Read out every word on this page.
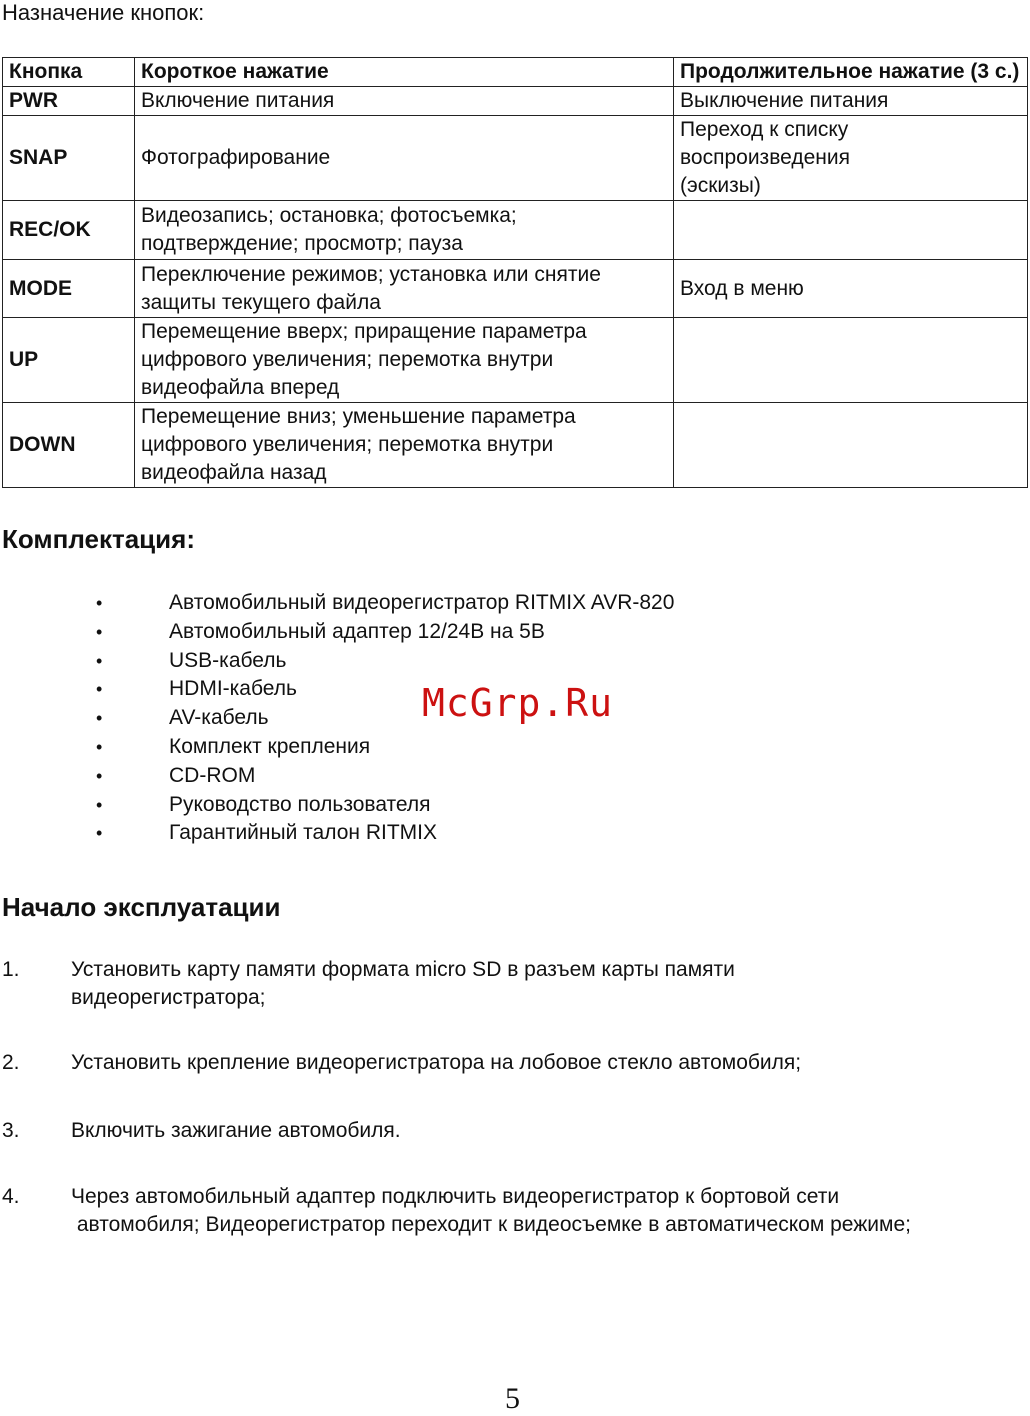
Назначение кнопок:
Кнопка	Короткое нажатие	Продолжительное нажатие (3 с.)
PWR	Включение питания	Выключение питания
SNAP	Фотографирование	Переход к списку воспроизведения
(эскизы)
REC/OK	Видеозапись; остановка; фотосъемка;
подтверждение; просмотр; пауза	
MODE	Переключение режимов; установка или снятие
защиты текущего файла	Вход в меню
UP	Перемещение вверх; приращение параметра
цифрового увеличения; перемотка внутри
видеофайла вперед	
DOWN	Перемещение вниз; уменьшение параметра
цифрового увеличения; перемотка внутри
видеофайла назад	
Комплектация:
•	Автомобильный видеорегистратор RITMIX AVR-820
•	Автомобильный адаптер 12/24В на 5В
•	USB-кабель
•	HDMI-кабель
•	AV-кабель
•	Комплект крепления
•	CD-ROM
•	Руководство пользователя
•	Гарантийный талон RITMIX
McGrp.Ru
Начало эксплуатации
1. Установить карту памяти формата micro SD в разъем карты памяти
видеорегистратора;
2. Установить крепление видеорегистратора на лобовое стекло автомобиля;
3. Включить зажигание автомобиля.
4. Через автомобильный адаптер подключить видеорегистратор к бортовой сети
автомобиля; Видеорегистратор переходит к видеосъемке в автоматическом режиме;
5
